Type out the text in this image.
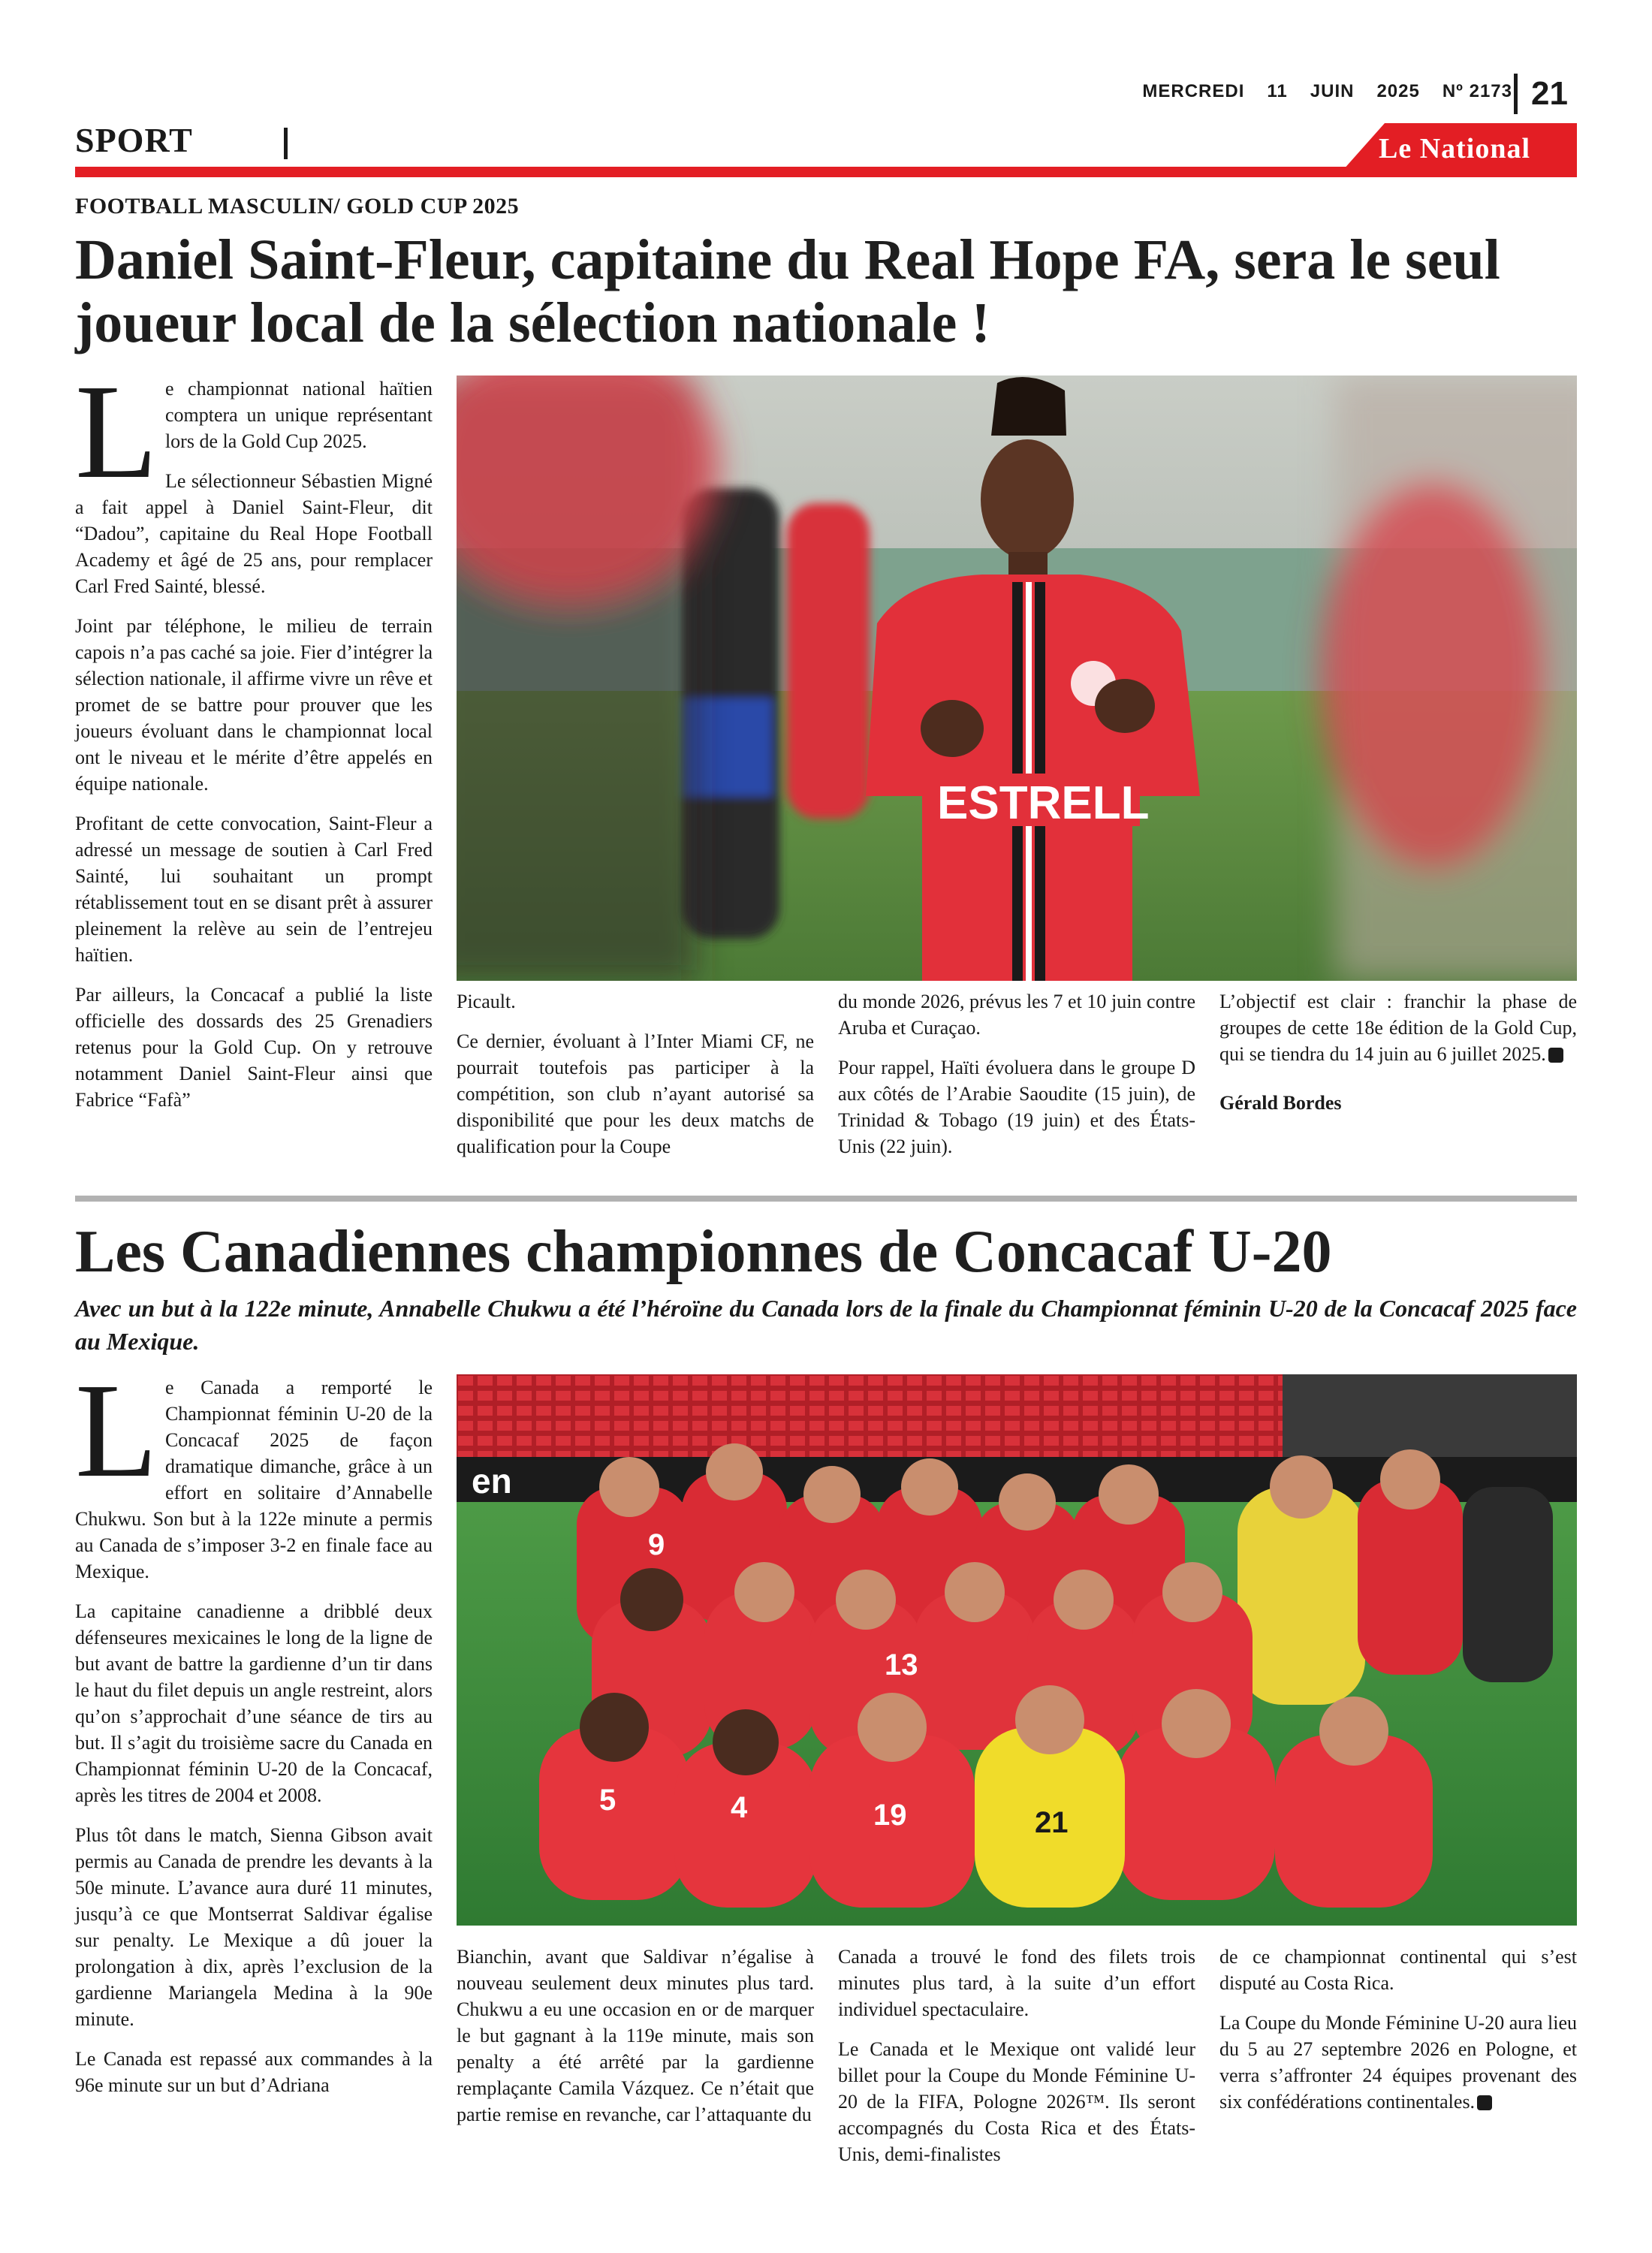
MERCREDI 11 JUIN 2025 Nº 2173 21
SPORT	Le National
FOOTBALL MASCULIN/ GOLD CUP 2025
Daniel Saint-Fleur, capitaine du Real Hope FA, sera le seul joueur local de la sélection nationale !

Le championnat national haïtien comptera un unique représentant lors de la Gold Cup 2025.

Le sélectionneur Sébastien Migné a fait appel à Daniel Saint-Fleur, dit “Dadou”, capitaine du Real Hope Football Academy et âgé de 25 ans, pour remplacer Carl Fred Sainté, blessé.

Joint par téléphone, le milieu de terrain capois n’a pas caché sa joie. Fier d’intégrer la sélection nationale, il affirme vivre un rêve et promet de se battre pour prouver que les joueurs évoluant dans le championnat local ont le niveau et le mérite d’être appelés en équipe nationale.

Profitant de cette convocation, Saint-Fleur a adressé un message de soutien à Carl Fred Sainté, lui souhaitant un prompt rétablissement tout en se disant prêt à assurer pleinement la relève au sein de l’entrejeu haïtien.

Par ailleurs, la Concacaf a publié la liste officielle des dossards des 25 Grenadiers retenus pour la Gold Cup. On y retrouve notamment Daniel Saint-Fleur ainsi que Fabrice “Fafà”

ESTRELL

Picault.

Ce dernier, évoluant à l’Inter Miami CF, ne pourrait toutefois pas participer à la compétition, son club n’ayant autorisé sa disponibilité que pour les deux matchs de qualification pour la Coupe

du monde 2026, prévus les 7 et 10 juin contre Aruba et Curaçao.

Pour rappel, Haïti évoluera dans le groupe D aux côtés de l’Arabie Saoudite (15 juin), de Trinidad & Tobago (19 juin) et des États-Unis (22 juin).

L’objectif est clair : franchir la phase de groupes de cette 18e édition de la Gold Cup, qui se tiendra du 14 juin au 6 juillet 2025.

Gérald Bordes

Les Canadiennes championnes de Concacaf U-20

Avec un but à la 122e minute, Annabelle Chukwu a été l’héroïne du Canada lors de la finale du Championnat féminin U-20 de la Concacaf 2025 face au Mexique.

Le Canada a remporté le Championnat féminin U-20 de la Concacaf 2025 de façon dramatique dimanche, grâce à un effort en solitaire d’Annabelle Chukwu. Son but à la 122e minute a permis au Canada de s’imposer 3-2 en finale face au Mexique.

La capitaine canadienne a dribblé deux défenseures mexicaines le long de la ligne de but avant de battre la gardienne d’un tir dans le haut du filet depuis un angle restreint, alors qu’on s’approchait d’une séance de tirs au but. Il s’agit du troisième sacre du Canada en Championnat féminin U-20 de la Concacaf, après les titres de 2004 et 2008.

Plus tôt dans le match, Sienna Gibson avait permis au Canada de prendre les devants à la 50e minute. L’avance aura duré 11 minutes, jusqu’à ce que Montserrat Saldivar égalise sur penalty. Le Mexique a dû jouer la prolongation à dix, après l’exclusion de la gardienne Mariangela Medina à la 90e minute.

Le Canada est repassé aux commandes à la 96e minute sur un but d’Adriana

en
9
13
5	4	19	21

Bianchin, avant que Saldivar n’égalise à nouveau seulement deux minutes plus tard. Chukwu a eu une occasion en or de marquer le but gagnant à la 119e minute, mais son penalty a été arrêté par la gardienne remplaçante Camila Vázquez. Ce n’était que partie remise en revanche, car l’attaquante du

Canada a trouvé le fond des filets trois minutes plus tard, à la suite d’un effort individuel spectaculaire.

Le Canada et le Mexique ont validé leur billet pour la Coupe du Monde Féminine U-20 de la FIFA, Pologne 2026™. Ils seront accompagnés du Costa Rica et des États-Unis, demi-finalistes

de ce championnat continental qui s’est disputé au Costa Rica.

La Coupe du Monde Féminine U-20 aura lieu du 5 au 27 septembre 2026 en Pologne, et verra s’affronter 24 équipes provenant des six confédérations continentales.
